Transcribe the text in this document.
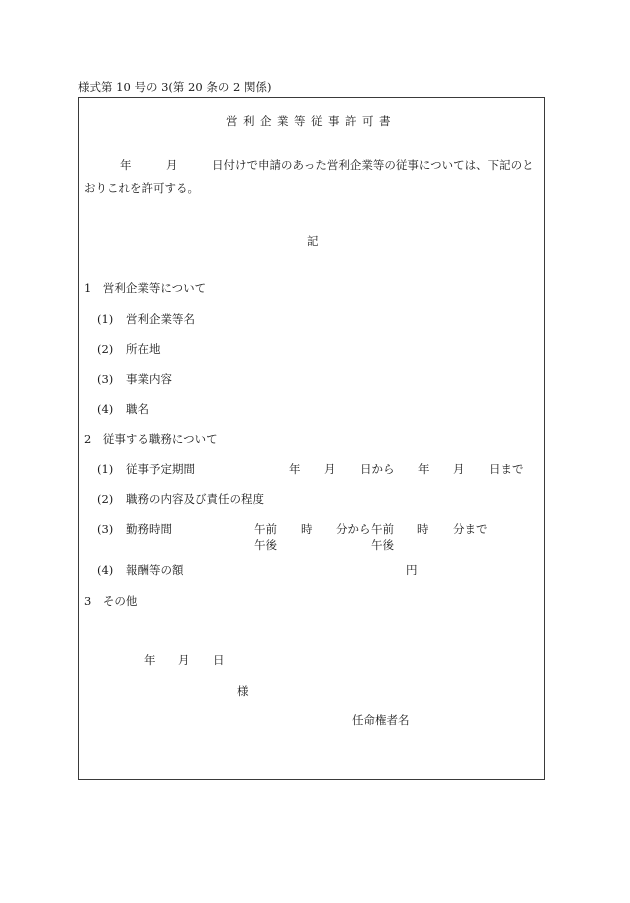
様式第 10 号の 3(第 20 条の 2 関係)
営利企業等従事許可書
年	月	日付けで申請のあった営利企業等の従事については、下記のと
おりこれを許可する。
記
1　営利企業等について
(1) 営利企業等名
(2) 所在地
(3) 事業内容
(4) 職名
2　従事する職務について
(1) 従事予定期間	年 月 日から 年 月 日まで
(2) 職務の内容及び責任の程度
(3) 勤務時間	午前
午後
時 分から 午前
午後
時 分まで
(4) 報酬等の額	円
3　その他
年 月 日
様
任命権者名
